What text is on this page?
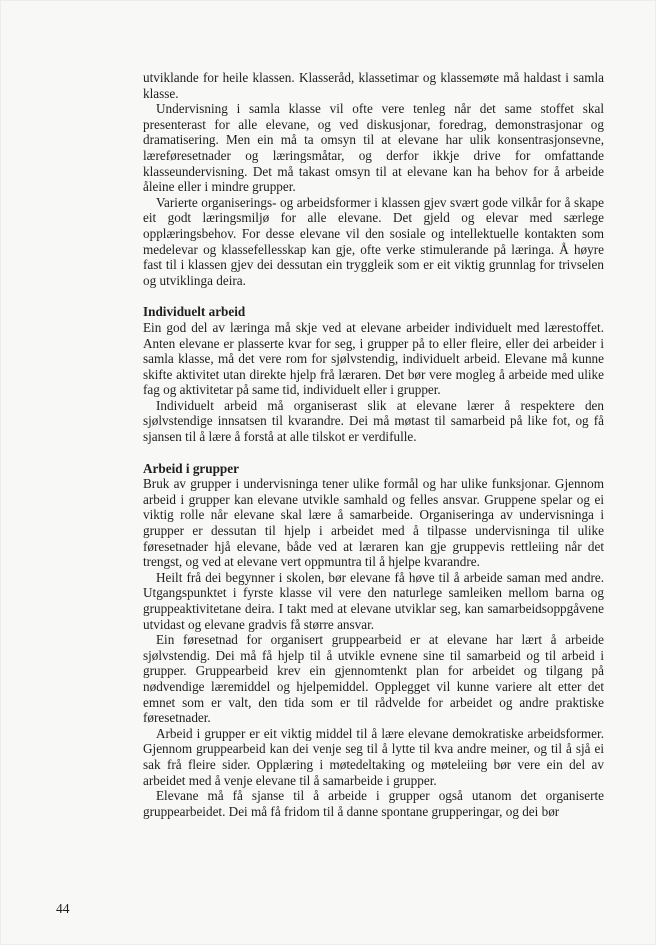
utviklande for heile klassen. Klasseråd, klassetimar og klassemøte må haldast i samla klasse.

Undervisning i samla klasse vil ofte vere tenleg når det same stoffet skal presenterast for alle elevane, og ved diskusjonar, foredrag, demonstrasjonar og dramatisering. Men ein må ta omsyn til at elevane har ulik konsentrasjonsevne, læreføresetnader og læringsmåtar, og derfor ikkje drive for omfattande klasseundervisning. Det må takast omsyn til at elevane kan ha behov for å arbeide åleine eller i mindre grupper.

Varierte organiserings- og arbeidsformer i klassen gjev svært gode vilkår for å skape eit godt læringsmiljø for alle elevane. Det gjeld og elevar med særlege opplæringsbehov. For desse elevane vil den sosiale og intellektuelle kontakten som medelevar og klassefellesskap kan gje, ofte verke stimulerande på læringa. Å høyre fast til i klassen gjev dei dessutan ein tryggleik som er eit viktig grunnlag for trivselen og utviklinga deira.

Individuelt arbeid

Ein god del av læringa må skje ved at elevane arbeider individuelt med lærestoffet. Anten elevane er plasserte kvar for seg, i grupper på to eller fleire, eller dei arbeider i samla klasse, må det vere rom for sjølvstendig, individuelt arbeid. Elevane må kunne skifte aktivitet utan direkte hjelp frå læraren. Det bør vere mogleg å arbeide med ulike fag og aktivitetar på same tid, individuelt eller i grupper.

Individuelt arbeid må organiserast slik at elevane lærer å respektere den sjølvstendige innsatsen til kvarandre. Dei må møtast til samarbeid på like fot, og få sjansen til å lære å forstå at alle tilskot er verdifulle.

Arbeid i grupper

Bruk av grupper i undervisninga tener ulike formål og har ulike funksjonar. Gjennom arbeid i grupper kan elevane utvikle samhald og felles ansvar. Gruppene spelar og ei viktig rolle når elevane skal lære å samarbeide. Organiseringa av undervisninga i grupper er dessutan til hjelp i arbeidet med å tilpasse undervisninga til ulike føresetnader hjå elevane, både ved at læraren kan gje gruppevis rettleiing når det trengst, og ved at elevane vert oppmuntra til å hjelpe kvarandre.

Heilt frå dei begynner i skolen, bør elevane få høve til å arbeide saman med andre. Utgangspunktet i fyrste klasse vil vere den naturlege samleiken mellom barna og gruppeaktivitetane deira. I takt med at elevane utviklar seg, kan samarbeidsoppgåvene utvidast og elevane gradvis få større ansvar.

Ein føresetnad for organisert gruppearbeid er at elevane har lært å arbeide sjølvstendig. Dei må få hjelp til å utvikle evnene sine til samarbeid og til arbeid i grupper. Gruppearbeid krev ein gjennomtenkt plan for arbeidet og tilgang på nødvendige læremiddel og hjelpemiddel. Opplegget vil kunne variere alt etter det emnet som er valt, den tida som er til rådvelde for arbeidet og andre praktiske føresetnader.

Arbeid i grupper er eit viktig middel til å lære elevane demokratiske arbeidsformer. Gjennom gruppearbeid kan dei venje seg til å lytte til kva andre meiner, og til å sjå ei sak frå fleire sider. Opplæring i møtedeltaking og møteleiing bør vere ein del av arbeidet med å venje elevane til å samarbeide i grupper.

Elevane må få sjanse til å arbeide i grupper også utanom det organiserte gruppearbeidet. Dei må få fridom til å danne spontane grupperingar, og dei bør

44
